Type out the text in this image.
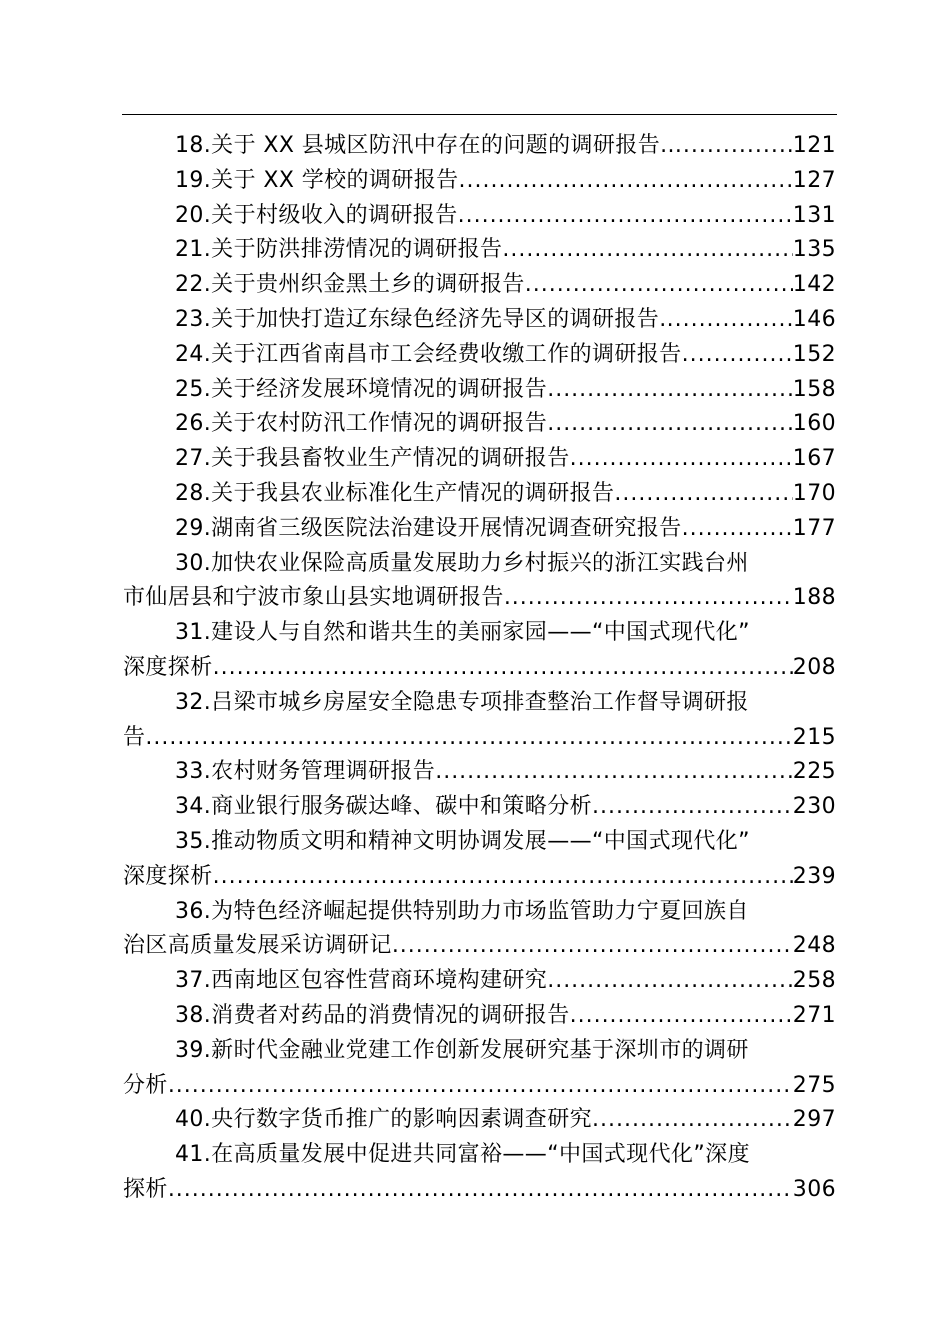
18.关于 XX 县城区防汛中存在的问题的调研报告.. .....	121
19.关于 XX 学校的调研报告 .....	127
20.关于村级收入的调研报告 .....	131
21.关于防洪排涝情况的调研报告 .....	135
22.关于贵州织金黑土乡的调研报告 .....	142
23.关于加快打造辽东绿色经济先导区的调研报告. .....	146
24.关于江西省南昌市工会经费收缴工作的调研报告 .....	152
25.关于经济发展环境情况的调研报告 .....	158
26.关于农村防汛工作情况的调研报告 .....	160
27.关于我县畜牧业生产情况的调研报告 .....	167
28.关于我县农业标准化生产情况的调研报告 .....	170
29.湖南省三级医院法治建设开展情况调查研究报告 .....	177
30.加快农业保险高质量发展助力乡村振兴的浙江实践台州
市仙居县和宁波市象山县实地调研报告 .....	188
31.建设人与自然和谐共生的美丽家园——“中国式现代化”
深度探析 .....	208
32.吕梁市城乡房屋安全隐患专项排查整治工作督导调研报
告 .....	215
33.农村财务管理调研报告 .....	225
34.商业银行服务碳达峰、碳中和策略分析 .....	230
35.推动物质文明和精神文明协调发展——“中国式现代化”
深度探析 .....	239
36.为特色经济崛起提供特别助力市场监管助力宁夏回族自
治区高质量发展采访调研记 .....	248
37.西南地区包容性营商环境构建研究 .....	258
38.消费者对药品的消费情况的调研报告 .....	271
39.新时代金融业党建工作创新发展研究基于深圳市的调研
分析 .....	275
40.央行数字货币推广的影响因素调查研究 .....	297
41.在高质量发展中促进共同富裕——“中国式现代化”深度
探析 .....	306
